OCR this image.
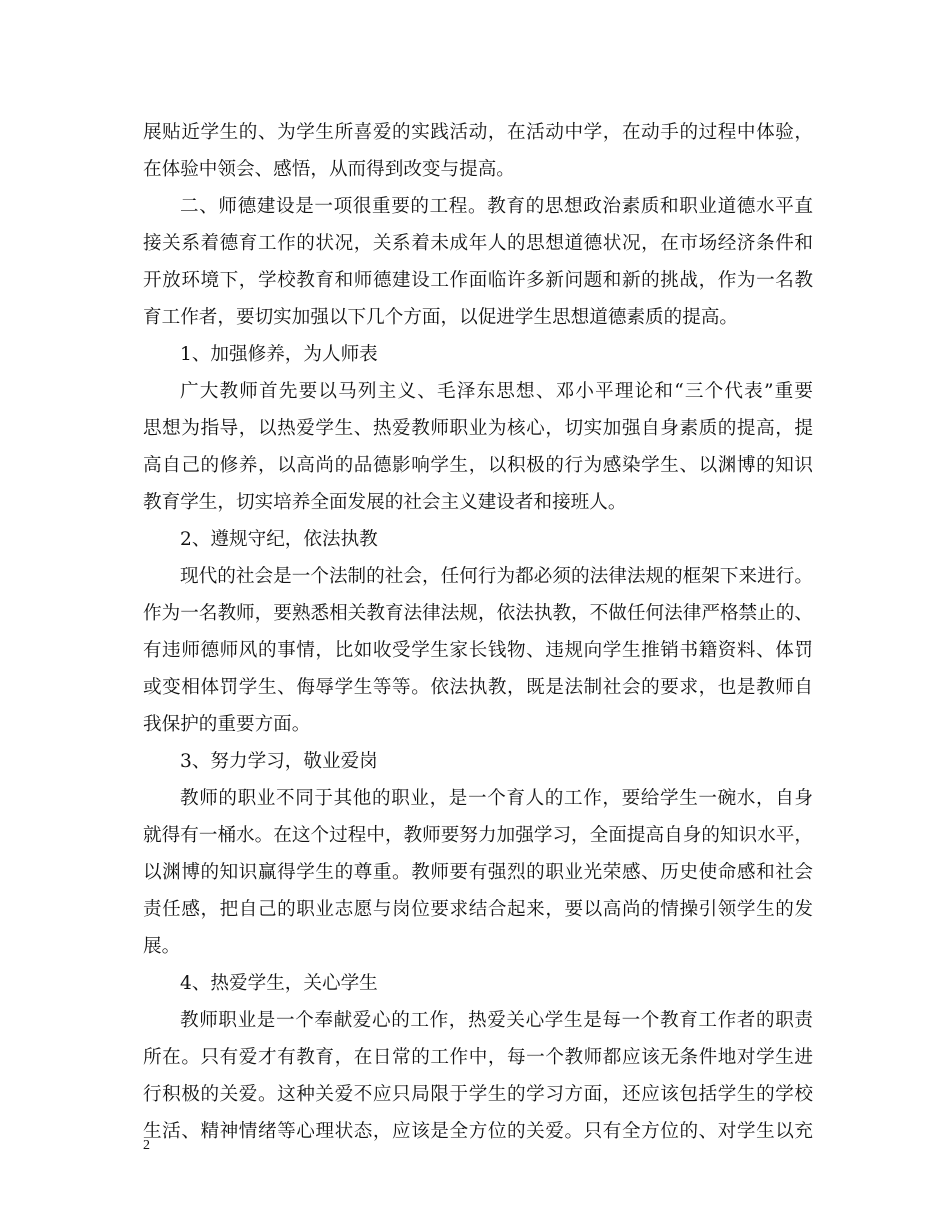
展贴近学生的、为学生所喜爱的实践活动，在活动中学，在动手的过程中体验，
在体验中领会、感悟，从而得到改变与提高。
二、师德建设是一项很重要的工程。教育的思想政治素质和职业道德水平直
接关系着德育工作的状况，关系着未成年人的思想道德状况，在市场经济条件和
开放环境下，学校教育和师德建设工作面临许多新问题和新的挑战，作为一名教
育工作者，要切实加强以下几个方面，以促进学生思想道德素质的提高。
1、加强修养，为人师表
广大教师首先要以马列主义、毛泽东思想、邓小平理论和“三个代表”重要
思想为指导，以热爱学生、热爱教师职业为核心，切实加强自身素质的提高，提
高自己的修养，以高尚的品德影响学生，以积极的行为感染学生、以渊博的知识
教育学生，切实培养全面发展的社会主义建设者和接班人。
2、遵规守纪，依法执教
现代的社会是一个法制的社会，任何行为都必须的法律法规的框架下来进行。
作为一名教师，要熟悉相关教育法律法规，依法执教，不做任何法律严格禁止的、
有违师德师风的事情，比如收受学生家长钱物、违规向学生推销书籍资料、体罚
或变相体罚学生、侮辱学生等等。依法执教，既是法制社会的要求，也是教师自
我保护的重要方面。
3、努力学习，敬业爱岗
教师的职业不同于其他的职业，是一个育人的工作，要给学生一碗水，自身
就得有一桶水。在这个过程中，教师要努力加强学习，全面提高自身的知识水平，
以渊博的知识赢得学生的尊重。教师要有强烈的职业光荣感、历史使命感和社会
责任感，把自己的职业志愿与岗位要求结合起来，要以高尚的情操引领学生的发
展。
4、热爱学生，关心学生
教师职业是一个奉献爱心的工作，热爱关心学生是每一个教育工作者的职责
所在。只有爱才有教育，在日常的工作中，每一个教师都应该无条件地对学生进
行积极的关爱。这种关爱不应只局限于学生的学习方面，还应该包括学生的学校
生活、精神情绪等心理状态，应该是全方位的关爱。只有全方位的、对学生以充
2
